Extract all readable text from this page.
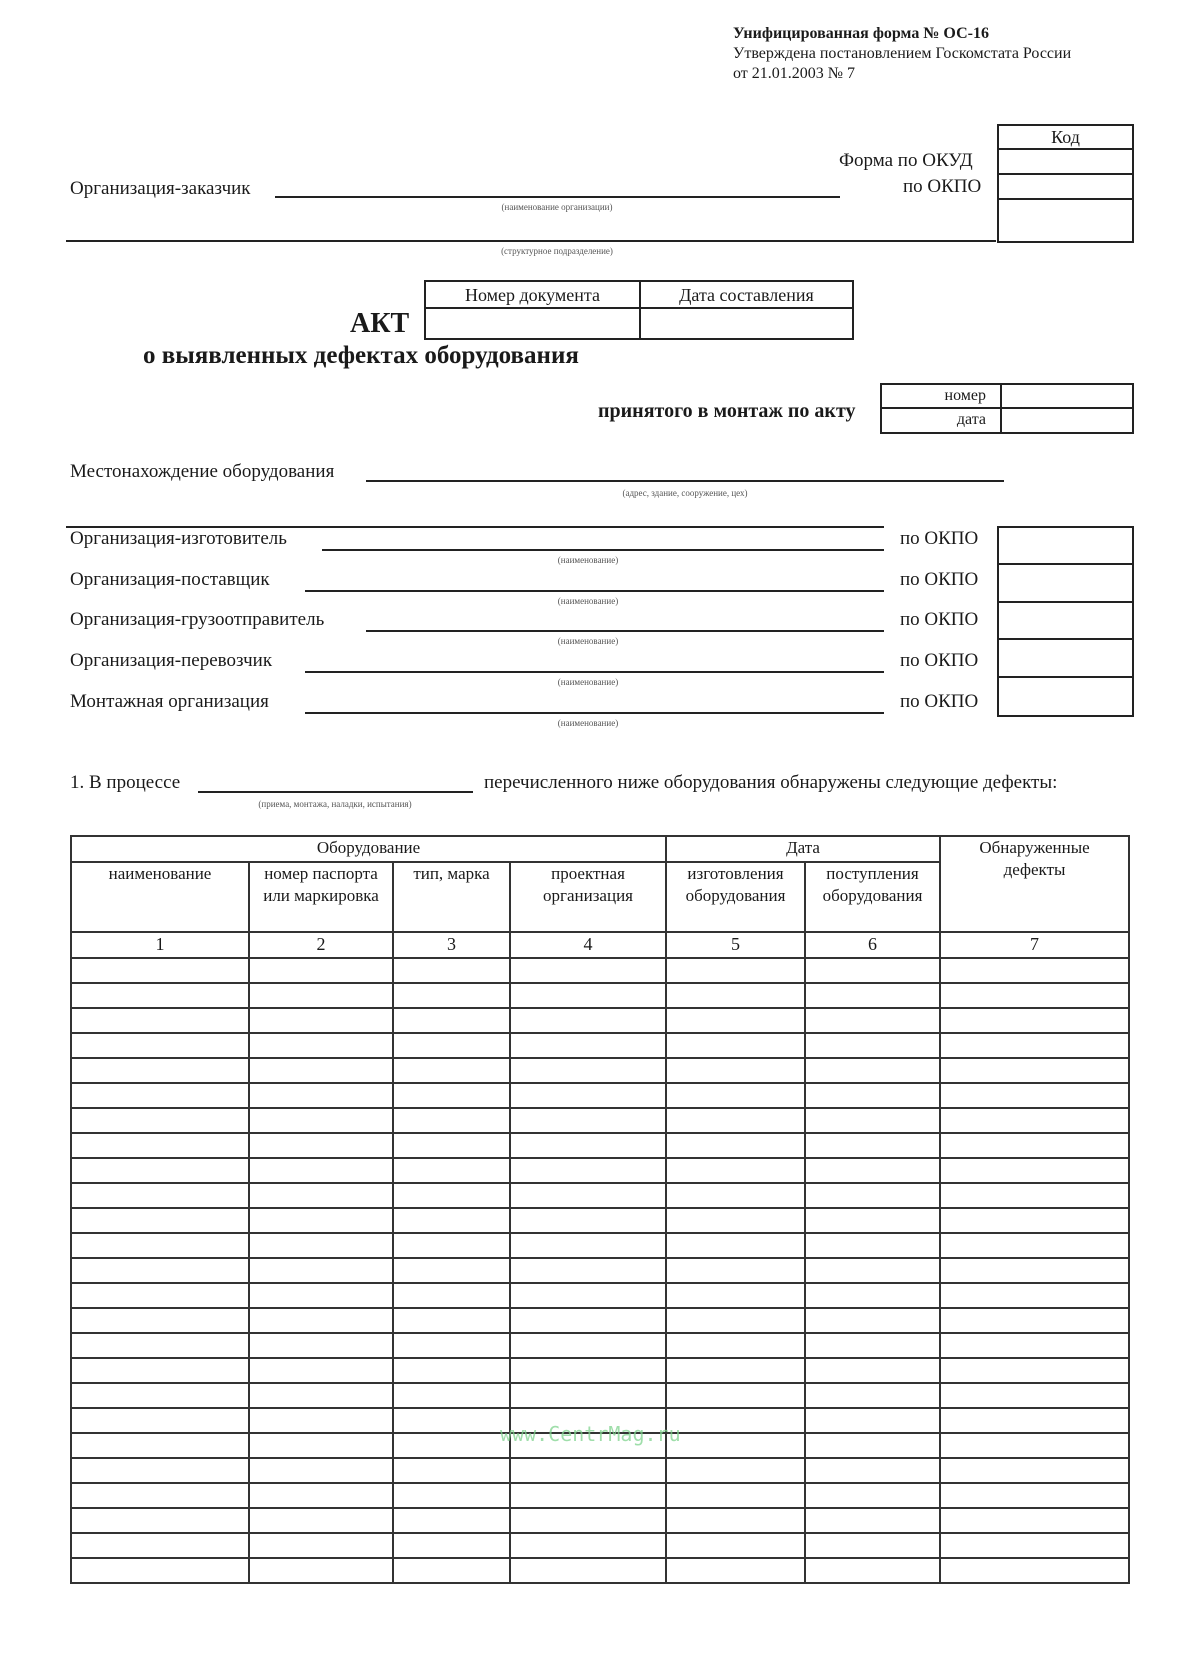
Унифицированная форма № ОС-16
Утверждена постановлением Госкомстата России
от 21.01.2003 № 7
Код
Форма по ОКУД
по ОКПО
Организация-заказчик
(наименование организации)
(структурное подразделение)
Номер документа	Дата составления
АКТ
о выявленных дефектах оборудования
принятого в монтаж по акту
номер
дата
Местонахождение оборудования
(адрес, здание, сооружение, цех)
Организация-изготовитель
(наименование)
по ОКПО
Организация-поставщик
(наименование)
по ОКПО
Организация-грузоотправитель
(наименование)
по ОКПО
Организация-перевозчик
(наименование)
по ОКПО
Монтажная организация
(наименование)
по ОКПО
1. В процессе
(приема, монтажа, наладки, испытания)
перечисленного ниже оборудования обнаружены следующие дефекты:
Оборудование				Дата		Обнаруженные дефекты
наименование	номер паспорта или маркировка	тип, марка	проектная организация	изготовления оборудования	поступления оборудования	
1	2	3	4	5	6	7

www.CentrMag.ru
